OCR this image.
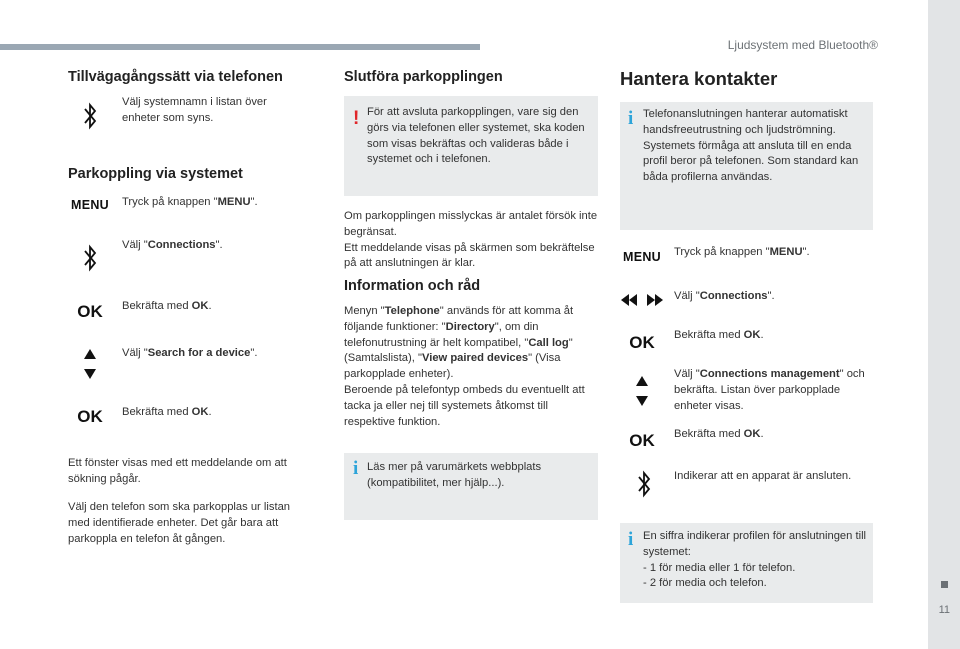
Ljudsystem med Bluetooth®
11
Tillvägagångssätt via telefonen
Välj systemnamn i listan över enheter som syns.
Parkoppling via systemet
MENU Tryck på knappen "MENU".
Välj "Connections".
OK	Bekräfta med OK.
Välj "Search for a device".
OK	Bekräfta med OK.
Ett fönster visas med ett meddelande om att sökning pågår.
Välj den telefon som ska parkopplas ur listan med identifierade enheter. Det går bara att parkoppla en telefon åt gången.
Slutföra parkopplingen
! För att avsluta parkopplingen, vare sig den görs via telefonen eller systemet, ska koden som visas bekräftas och valideras både i systemet och i telefonen.
Om parkopplingen misslyckas är antalet försök inte begränsat.
Ett meddelande visas på skärmen som bekräftelse på att anslutningen är klar.
Information och råd
Menyn "Telephone" används för att komma åt följande funktioner: "Directory", om din telefonutrustning är helt kompatibel, "Call log" (Samtalslista), "View paired devices" (Visa parkopplade enheter).
Beroende på telefontyp ombeds du eventuellt att tacka ja eller nej till systemets åtkomst till respektive funktion.
i Läs mer på varumärkets webbplats (kompatibilitet, mer hjälp...).
Hantera kontakter
i Telefonanslutningen hanterar automatiskt handsfreeutrustning och ljudströmning. Systemets förmåga att ansluta till en enda profil beror på telefonen. Som standard kan båda profilerna användas.
MENU Tryck på knappen "MENU".
Välj "Connections".
OK	Bekräfta med OK.
Välj "Connections management" och bekräfta. Listan över parkopplade enheter visas.
OK	Bekräfta med OK.
Indikerar att en apparat är ansluten.
i En siffra indikerar profilen för anslutningen till systemet:
- 1 för media eller 1 för telefon.
- 2 för media och telefon.
